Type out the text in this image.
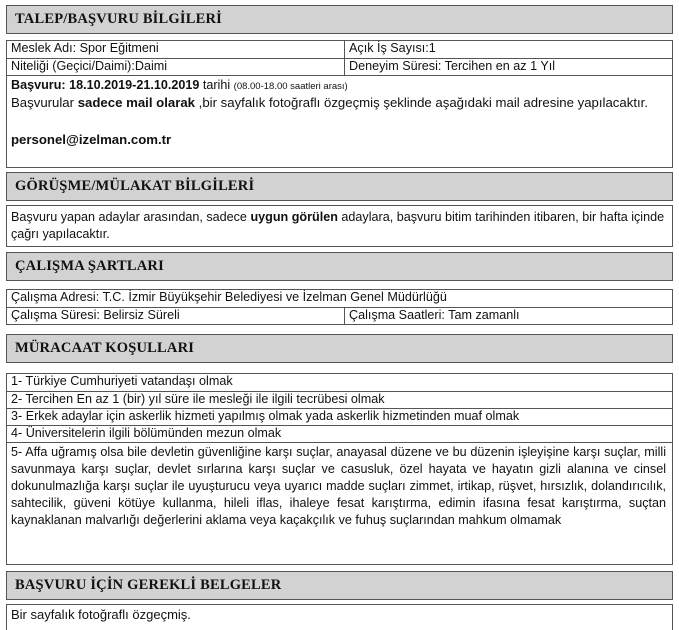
TALEP/BAŞVURU BİLGİLERİ
Meslek Adı: Spor Eğitmeni	Açık İş Sayısı:1
Niteliği (Geçici/Daimi):Daimi	Deneyim Süresi: Tercihen en az 1 Yıl
Başvuru: 18.10.2019-21.10.2019 tarihi (08.00-18.00 saatleri arası)
Başvurular sadece mail olarak ,bir sayfalık fotoğraflı özgeçmiş şeklinde aşağıdaki mail adresine yapılacaktır.
personel@izelman.com.tr
GÖRÜŞME/MÜLAKAT BİLGİLERİ
Başvuru yapan adaylar arasından, sadece uygun görülen adaylara, başvuru bitim tarihinden itibaren, bir hafta içinde çağrı yapılacaktır.
ÇALIŞMA ŞARTLARI
Çalışma Adresi: T.C. İzmir Büyükşehir Belediyesi ve İzelman Genel Müdürlüğü
Çalışma Süresi: Belirsiz Süreli	Çalışma Saatleri: Tam zamanlı
MÜRACAAT KOŞULLARI
1- Türkiye Cumhuriyeti vatandaşı olmak
2- Tercihen En az 1 (bir) yıl süre ile mesleği ile ilgili tecrübesi olmak
3- Erkek adaylar için askerlik hizmeti yapılmış olmak yada askerlik hizmetinden muaf olmak
4- Üniversitelerin ilgili bölümünden mezun olmak
5- Affa uğramış olsa bile devletin güvenliğine karşı suçlar, anayasal düzene ve bu düzenin işleyişine karşı suçlar, milli savunmaya karşı suçlar, devlet sırlarına karşı suçlar ve casusluk, özel hayata ve hayatın gizli alanına ve cinsel dokunulmazlığa karşı suçlar ile uyuşturucu veya uyarıcı madde suçları zimmet, irtikap, rüşvet, hırsızlık, dolandırıcılık, sahtecilik, güveni kötüye kullanma, hileli iflas, ihaleye fesat karıştırma, edimin ifasına fesat karıştırma, suçtan kaynaklanan malvarlığı değerlerini aklama veya kaçakçılık ve fuhuş suçlarından mahkum olmamak
BAŞVURU İÇİN GEREKLİ BELGELER
Bir sayfalık fotoğraflı özgeçmiş.
